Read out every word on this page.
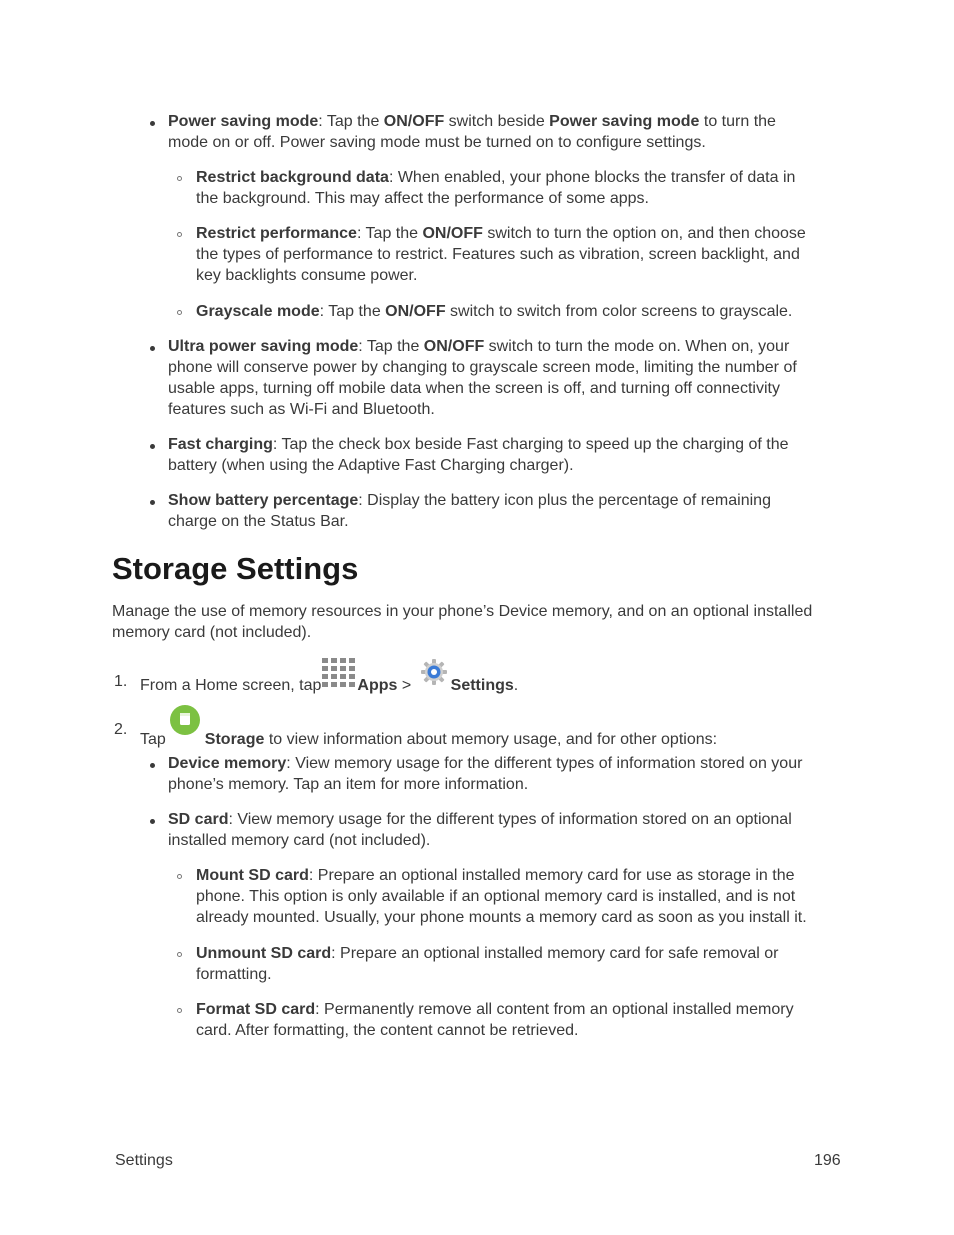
Power saving mode: Tap the ON/OFF switch beside Power saving mode to turn the
mode on or off. Power saving mode must be turned on to configure settings.
Restrict background data: When enabled, your phone blocks the transfer of data in
the background. This may affect the performance of some apps.
Restrict performance: Tap the ON/OFF switch to turn the option on, and then choose
the types of performance to restrict. Features such as vibration, screen backlight, and
key backlights consume power.
Grayscale mode: Tap the ON/OFF switch to switch from color screens to grayscale.
Ultra power saving mode: Tap the ON/OFF switch to turn the mode on. When on, your
phone will conserve power by changing to grayscale screen mode, limiting the number of
usable apps, turning off mobile data when the screen is off, and turning off connectivity
features such as Wi-Fi and Bluetooth.
Fast charging: Tap the check box beside Fast charging to speed up the charging of the
battery (when using the Adaptive Fast Charging charger).
Show battery percentage: Display the battery icon plus the percentage of remaining
charge on the Status Bar.
Storage Settings
Manage the use of memory resources in your phone’s Device memory, and on an optional installed
memory card (not included).
1. From a Home screen, tap Apps > Settings.
2.
Tap Storage to view information about memory usage, and for other options:
Device memory: View memory usage for the different types of information stored on your
phone’s memory. Tap an item for more information.
SD card: View memory usage for the different types of information stored on an optional
installed memory card (not included).
Mount SD card: Prepare an optional installed memory card for use as storage in the
phone. This option is only available if an optional memory card is installed, and is not
already mounted. Usually, your phone mounts a memory card as soon as you install it.
Unmount SD card: Prepare an optional installed memory card for safe removal or
formatting.
Format SD card: Permanently remove all content from an optional installed memory
card. After formatting, the content cannot be retrieved.
Settings	196
